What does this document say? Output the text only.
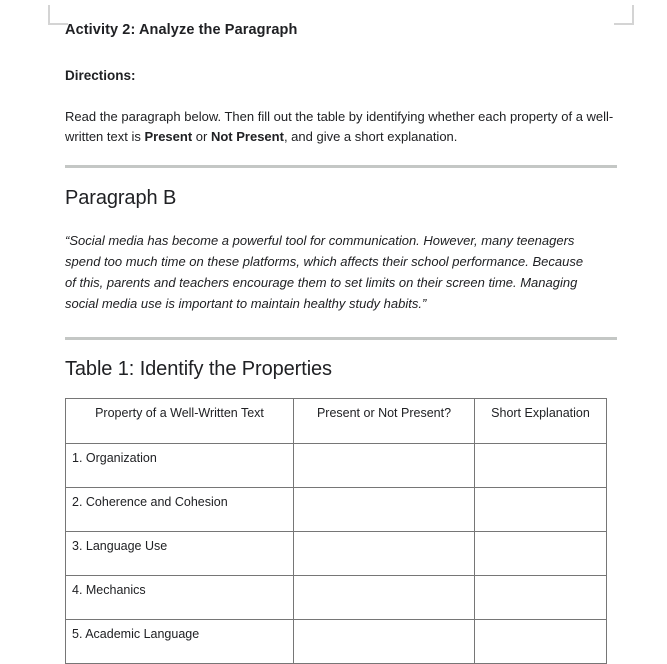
Activity 2: Analyze the Paragraph
Directions:

Read the paragraph below. Then fill out the table by identifying whether each property of a well-written text is Present or Not Present, and give a short explanation.

Paragraph B

“Social media has become a powerful tool for communication. However, many teenagers spend too much time on these platforms, which affects their school performance. Because of this, parents and teachers encourage them to set limits on their screen time. Managing social media use is important to maintain healthy study habits.”

Table 1: Identify the Properties
Property of a Well-Written Text	Present or Not Present?	Short Explanation
1. Organization		
2. Coherence and Cohesion		
3. Language Use		
4. Mechanics		
5. Academic Language		
